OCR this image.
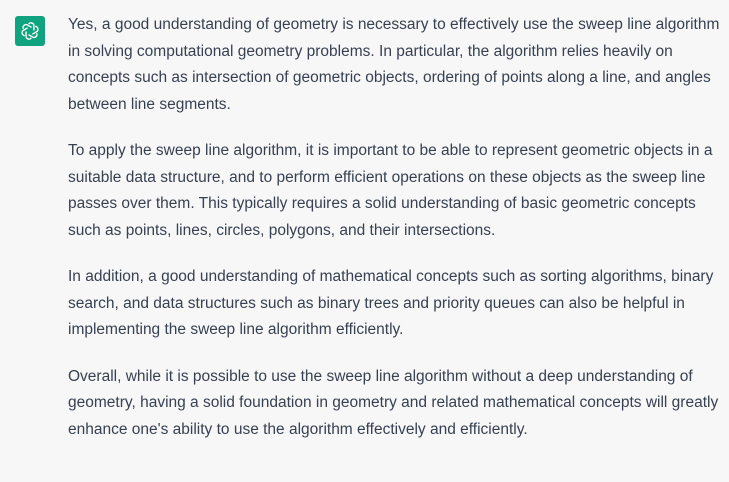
Yes, a good understanding of geometry is necessary to effectively use the sweep line algorithm in solving computational geometry problems. In particular, the algorithm relies heavily on concepts such as intersection of geometric objects, ordering of points along a line, and angles between line segments.

To apply the sweep line algorithm, it is important to be able to represent geometric objects in a suitable data structure, and to perform efficient operations on these objects as the sweep line passes over them. This typically requires a solid understanding of basic geometric concepts such as points, lines, circles, polygons, and their intersections.

In addition, a good understanding of mathematical concepts such as sorting algorithms, binary search, and data structures such as binary trees and priority queues can also be helpful in implementing the sweep line algorithm efficiently.

Overall, while it is possible to use the sweep line algorithm without a deep understanding of geometry, having a solid foundation in geometry and related mathematical concepts will greatly enhance one's ability to use the algorithm effectively and efficiently.
